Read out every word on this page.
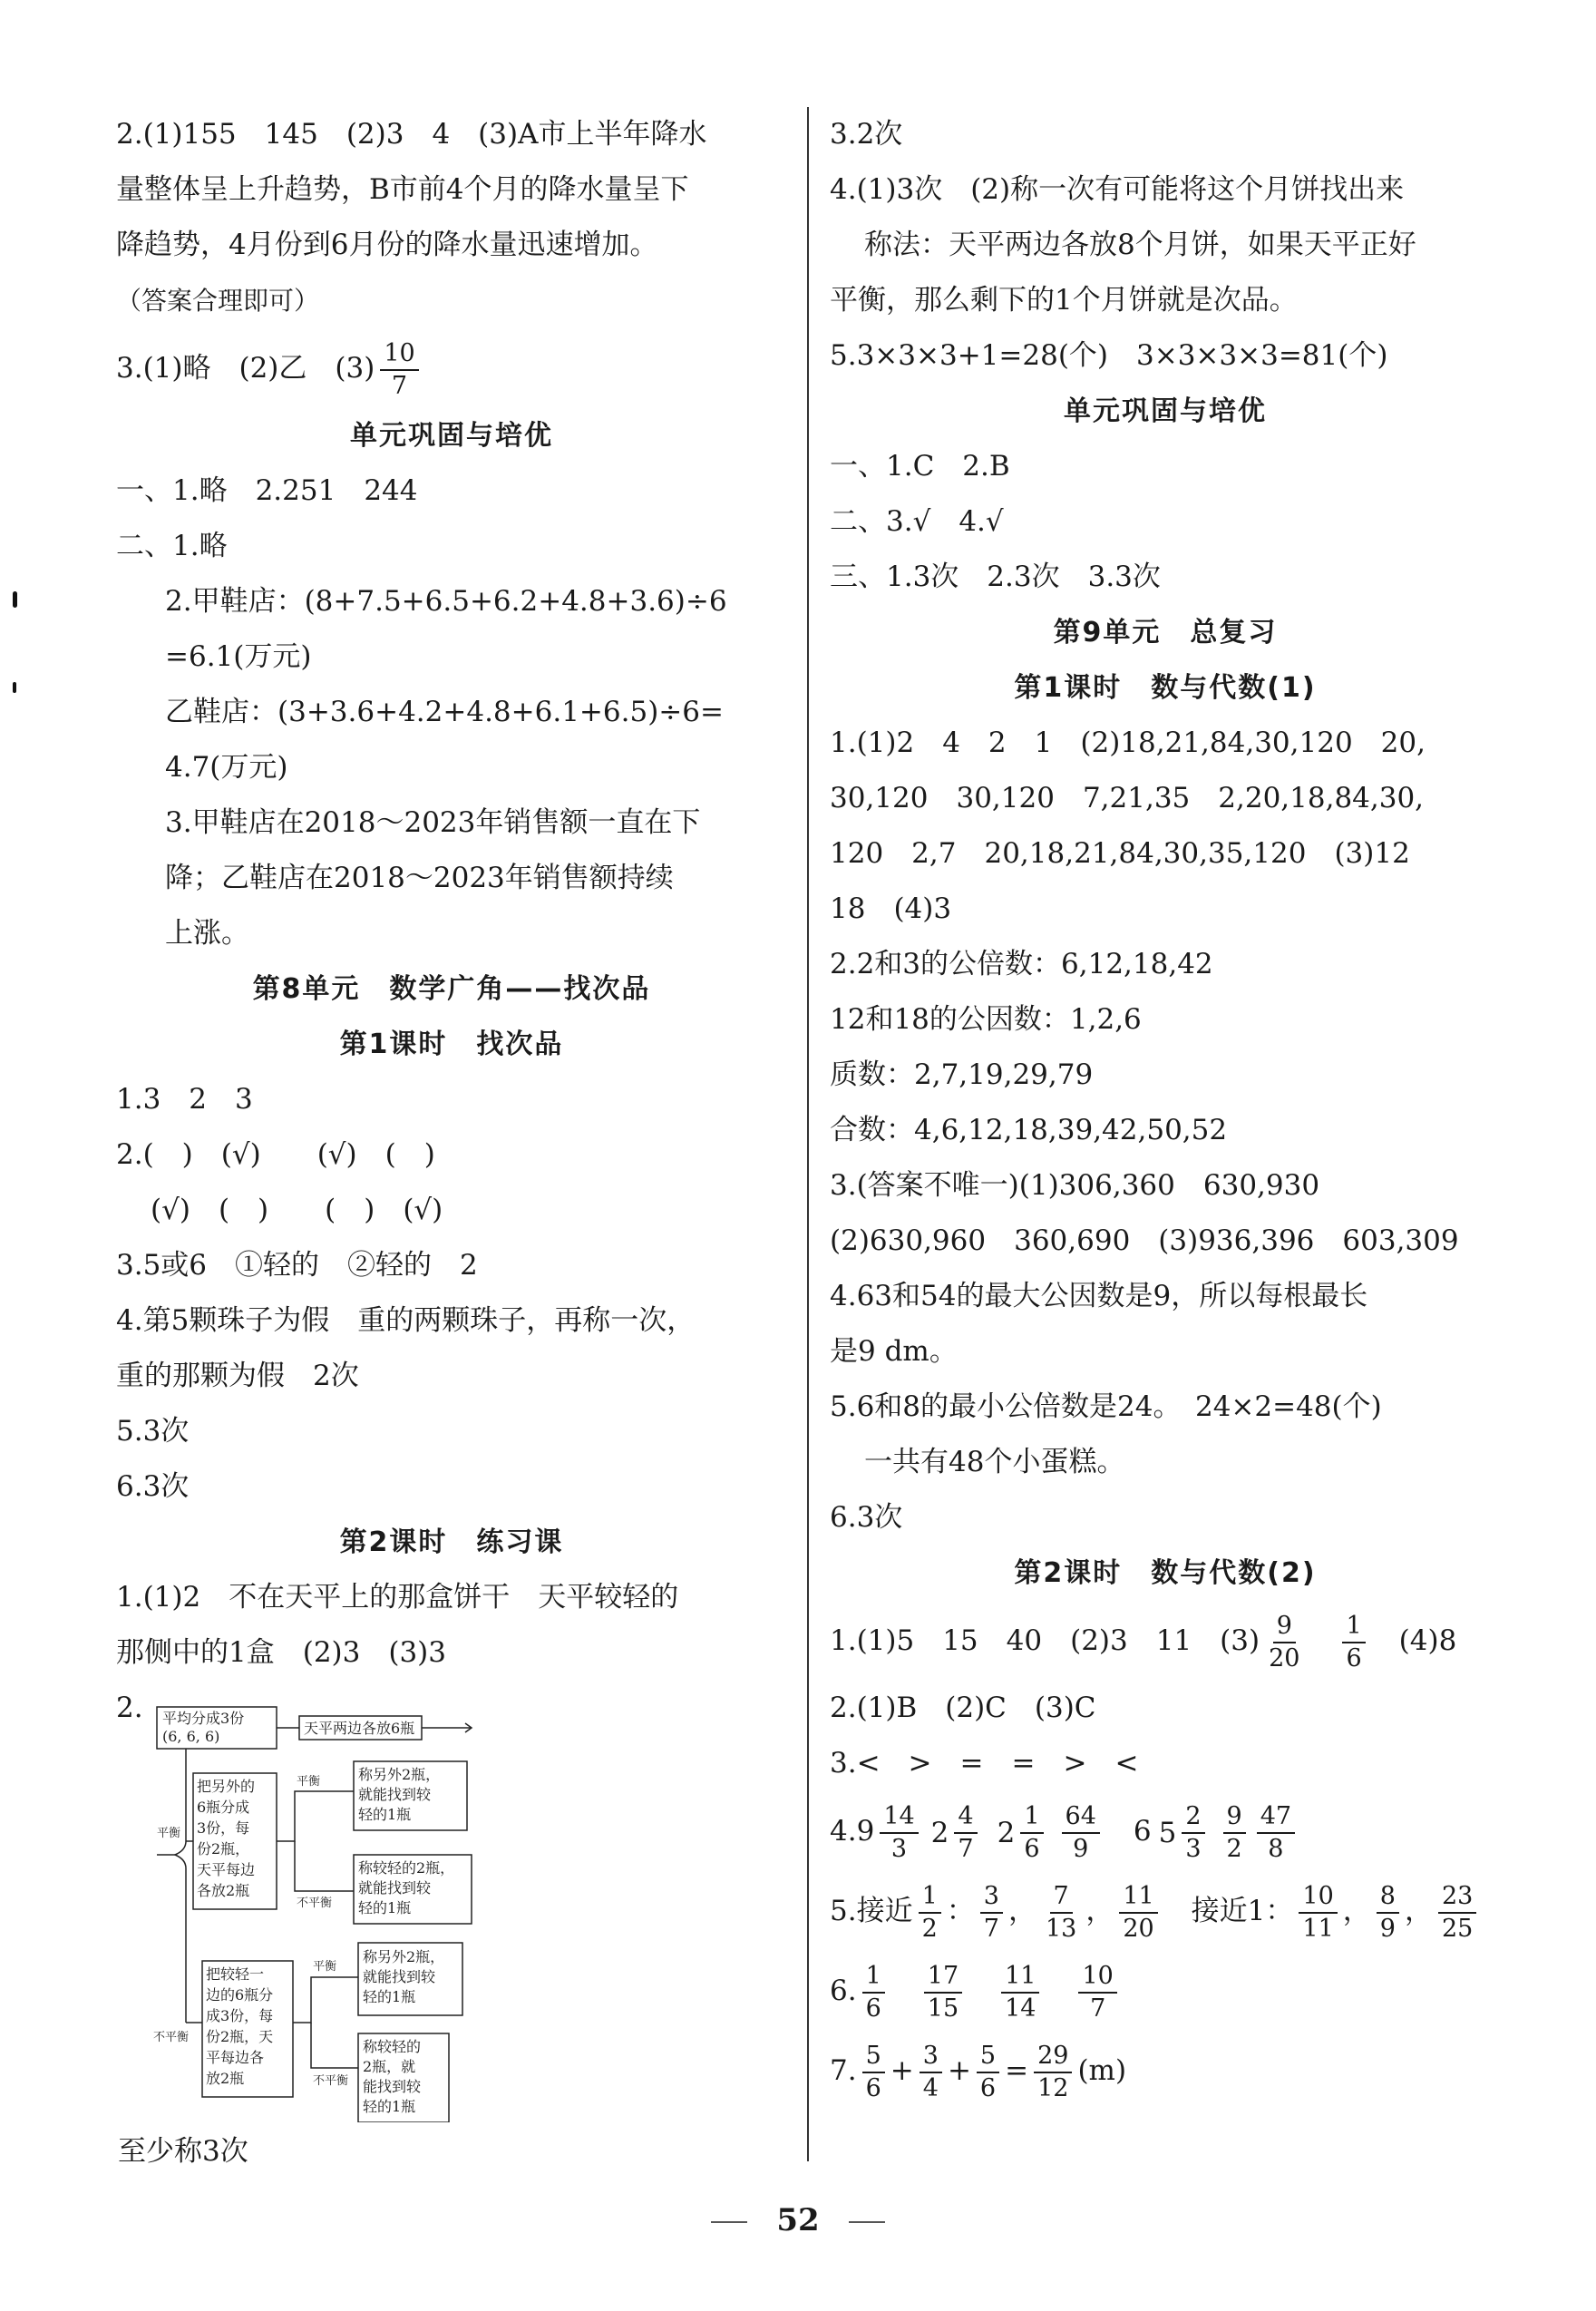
2.(1)155　145　(2)3　4　(3)A市上半年降水
量整体呈上升趋势，B市前4个月的降水量呈下
降趋势，4月份到6月份的降水量迅速增加。
（答案合理即可）
3.(1)略　(2)乙　$(3) \frac{10}{7}$
单元巩固与培优
一、1.略　2.251　244
二、1.略
2.甲鞋店：(8+7.5+6.5+6.2+4.8+3.6)÷6
=6.1(万元)
乙鞋店：(3+3.6+4.2+4.8+6.1+6.5)÷6=
4.7(万元)
3.甲鞋店在2018～2023年销售额一直在下
降；乙鞋店在2018～2023年销售额持续
上涨。
第8单元　数学广角——找次品
第1课时　找次品
1.3　2　3
2.(　)　(√)　　(√)　(　)
(√)　(　)　　(　)　(√)
3.5或6　①轻的　②轻的　2
4.第5颗珠子为假　重的两颗珠子，再称一次，
重的那颗为假　2次
5.3次
6.3次
第2课时　练习课
1.(1)2　不在天平上的那盒饼干　天平较轻的
那侧中的1盒　(2)3　(3)3
2.
至少称3次
平均分成3份
(6, 6, 6)	天平两边各放6瓶
平衡
不平衡
平衡
不平衡
平衡
不平衡
把另外的
6瓶分成
3份，每
份2瓶，
天平每边
各放2瓶
称另外2瓶，
就能找到较
轻的1瓶
称较轻的2瓶，
就能找到较
轻的1瓶
把较轻一
边的6瓶分
成3份，每
份2瓶，天
平每边各
放2瓶
称另外2瓶，
就能找到较
轻的1瓶
称较轻的
2瓶，就
能找到较
轻的1瓶
3.2次
4.(1)3次　(2)称一次有可能将这个月饼找出来
称法：天平两边各放8个月饼，如果天平正好
平衡，那么剩下的1个月饼就是次品。
5.3×3×3+1=28(个)　3×3×3×3=81(个)
单元巩固与培优
一、1.C　2.B
二、3.√　4.√
三、1.3次　2.3次　3.3次
第9单元　总复习
第1课时　数与代数(1)
1.(1)2　4　2　1　(2)18,21,84,30,120　20,
30,120　30,120　7,21,35　2,20,18,84,30,
120　2,7　20,18,21,84,30,35,120　(3)12
18　(4)3
2.2和3的公倍数：6,12,18,42
12和18的公因数：1,2,6
质数：2,7,19,29,79
合数：4,6,12,18,39,42,50,52
3.(答案不唯一)(1)306,360　630,930
(2)630,960　360,690　(3)936,396　603,309
4.63和54的最大公因数是9，所以每根最长
是9 dm。
5.6和8的最小公倍数是24。　24×2=48(个)
一共有48个小蛋糕。
6.3次
第2课时　数与代数(2)
1.(1)5　15　40　(2)3　11　$(3) \frac{9}{20}$
　 $\frac{1}{6}$
　 (4)8
2.(1)B　(2)C　(3)C
3.<　>　=　=　>　<
$4.9 \frac{14}{3} 2 \frac{4}{7} 2 \frac{1}{6} \frac{64}{9}$
　 6 $5 \frac{2}{3} \frac{9}{2} \frac{47}{8}$
5.接近 $\frac{1}{2}$ ： $\frac{3}{7}$ ， $\frac{7}{13}$ ， $\frac{11}{20}$ 　接近1： $\frac{10}{11}$ ， $\frac{8}{9}$ ， $\frac{23}{25}$
6. $\frac{1}{6}$
　 $\frac{17}{15}$
　 $\frac{11}{14}$
　 $\frac{10}{7}$
7. $\frac{5}{6} + \frac{3}{4} + \frac{5}{6} = \frac{29}{12} (m)$
52
